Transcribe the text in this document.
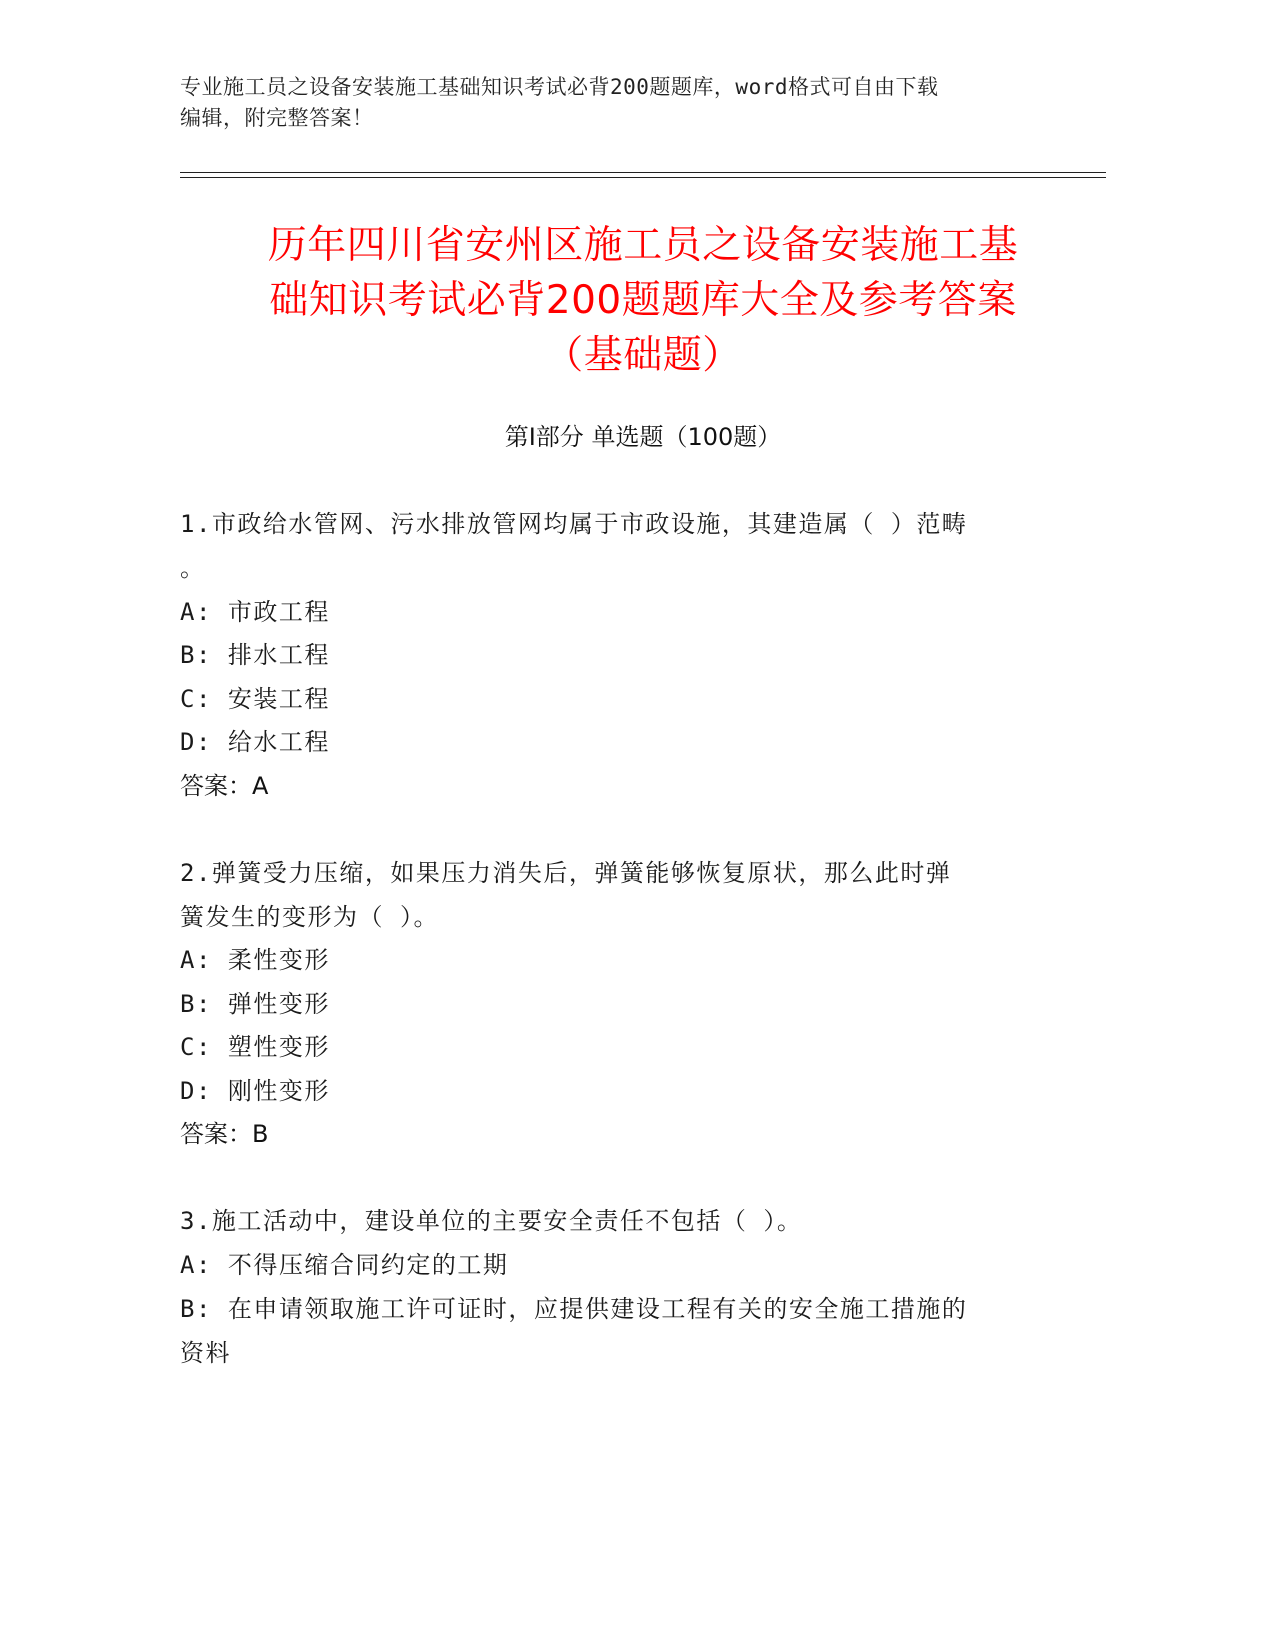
专业施工员之设备安装施工基础知识考试必背200题题库，word格式可自由下载
编辑，附完整答案！
历年四川省安州区施工员之设备安装施工基
础知识考试必背200题题库大全及参考答案
（基础题）
第I部分 单选题（100题）
1.市政给水管网、污水排放管网均属于市政设施，其建造属（ ）范畴
。
A: 市政工程
B: 排水工程
C: 安装工程
D: 给水工程
答案：A
2.弹簧受力压缩，如果压力消失后，弹簧能够恢复原状，那么此时弹
簧发生的变形为（ ）。
A: 柔性变形
B: 弹性变形
C: 塑性变形
D: 刚性变形
答案：B
3.施工活动中，建设单位的主要安全责任不包括（ ）。
A: 不得压缩合同约定的工期
B: 在申请领取施工许可证时，应提供建设工程有关的安全施工措施的
资料
